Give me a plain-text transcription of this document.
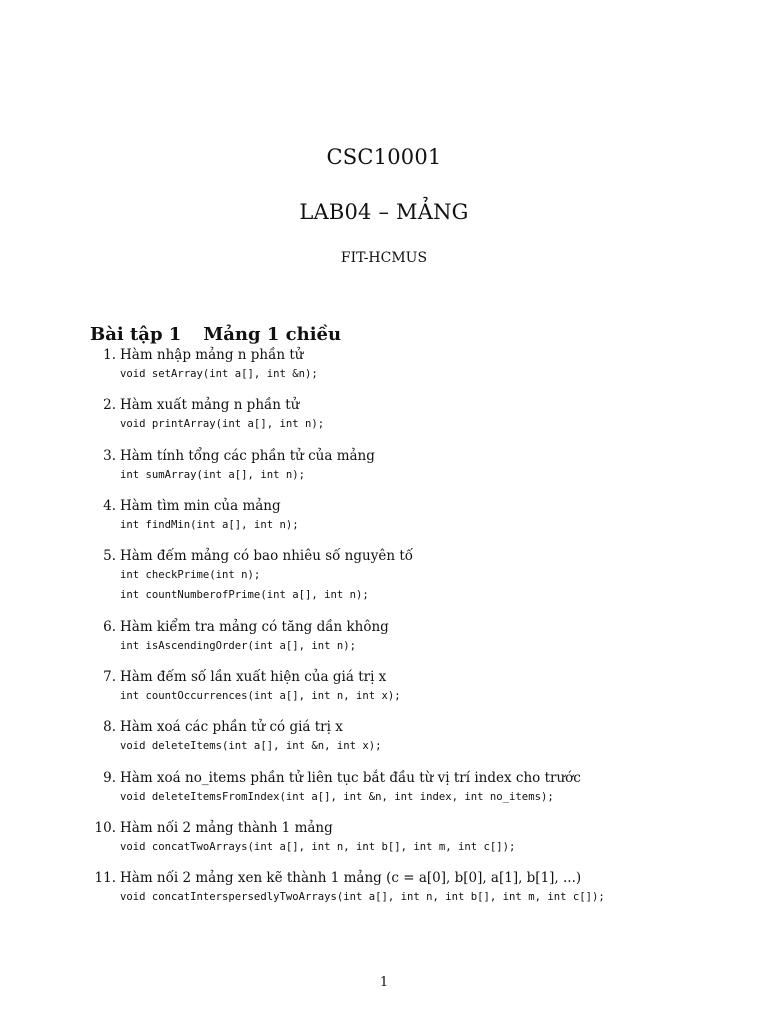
CSC10001
LAB04 – MẢNG
FIT-HCMUS
Bài tập 1 Mảng 1 chiều
1. Hàm nhập mảng n phần tử
void setArray(int a[], int &n);
2. Hàm xuất mảng n phần tử
void printArray(int a[], int n);
3. Hàm tính tổng các phần tử của mảng
int sumArray(int a[], int n);
4. Hàm tìm min của mảng
int findMin(int a[], int n);
5. Hàm đếm mảng có bao nhiêu số nguyên tố
int checkPrime(int n);
int countNumberofPrime(int a[], int n);
6. Hàm kiểm tra mảng có tăng dần không
int isAscendingOrder(int a[], int n);
7. Hàm đếm số lần xuất hiện của giá trị x
int countOccurrences(int a[], int n, int x);
8. Hàm xoá các phần tử có giá trị x
void deleteItems(int a[], int &n, int x);
9. Hàm xoá no_items phần tử liên tục bắt đầu từ vị trí index cho trước
void deleteItemsFromIndex(int a[], int &n, int index, int no_items);
10. Hàm nối 2 mảng thành 1 mảng
void concatTwoArrays(int a[], int n, int b[], int m, int c[]);
11. Hàm nối 2 mảng xen kẽ thành 1 mảng (c = a[0], b[0], a[1], b[1], ...)
void concatInterspersedlyTwoArrays(int a[], int n, int b[], int m, int c[]);
1
